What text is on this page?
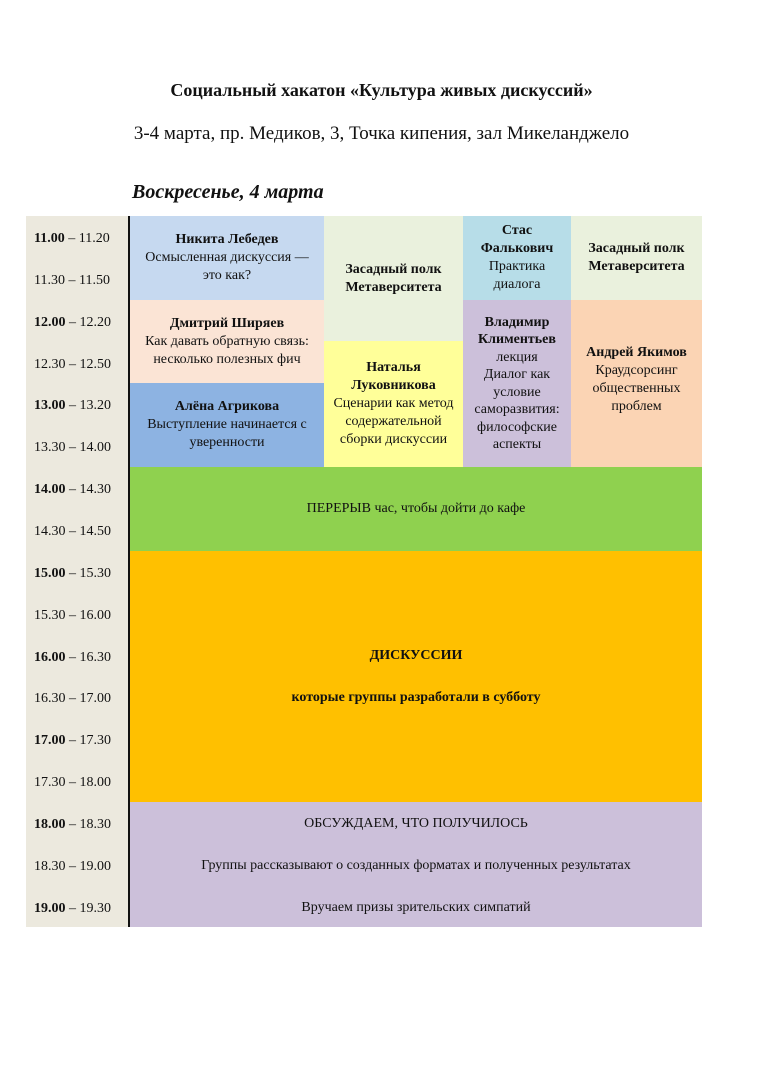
Социальный хакатон «Культура живых дискуссий»
3-4 марта, пр. Медиков, 3, Точка кипения, зал Микеланджело
Воскресенье, 4 марта
11.00 – 11.20
11.30 – 11.50
12.00 – 12.20
12.30 – 12.50
13.00 – 13.20
13.30 – 14.00
14.00 – 14.30
14.30 – 14.50
15.00 – 15.30
15.30 – 16.00
16.00 – 16.30
16.30 – 17.00
17.00 – 17.30
17.30 – 18.00
18.00 – 18.30
18.30 – 19.00
19.00 – 19.30
Никита Лебедев
Осмысленная дискуссия —
это как?
Дмитрий Ширяев
Как давать обратную связь:
несколько полезных фич
Алёна Агрикова
Выступление начинается с
уверенности
Засадный полк
Метаверситета
Наталья
Луковникова
Сценарии как метод
содержательной
сборки дискуссии
Стас
Фалькович
Практика
диалога
Владимир
Климентьев
лекция
Диалог как
условие
саморазвития:
философские
аспекты
Засадный полк
Метаверситета
Андрей Якимов
Краудсорсинг
общественных
проблем
ПЕРЕРЫВ час, чтобы дойти до кафе
ДИСКУССИИ
которые группы разработали в субботу
ОБСУЖДАЕМ, ЧТО ПОЛУЧИЛОСЬ
Группы рассказывают о созданных форматах и полученных результатах
Вручаем призы зрительских симпатий
